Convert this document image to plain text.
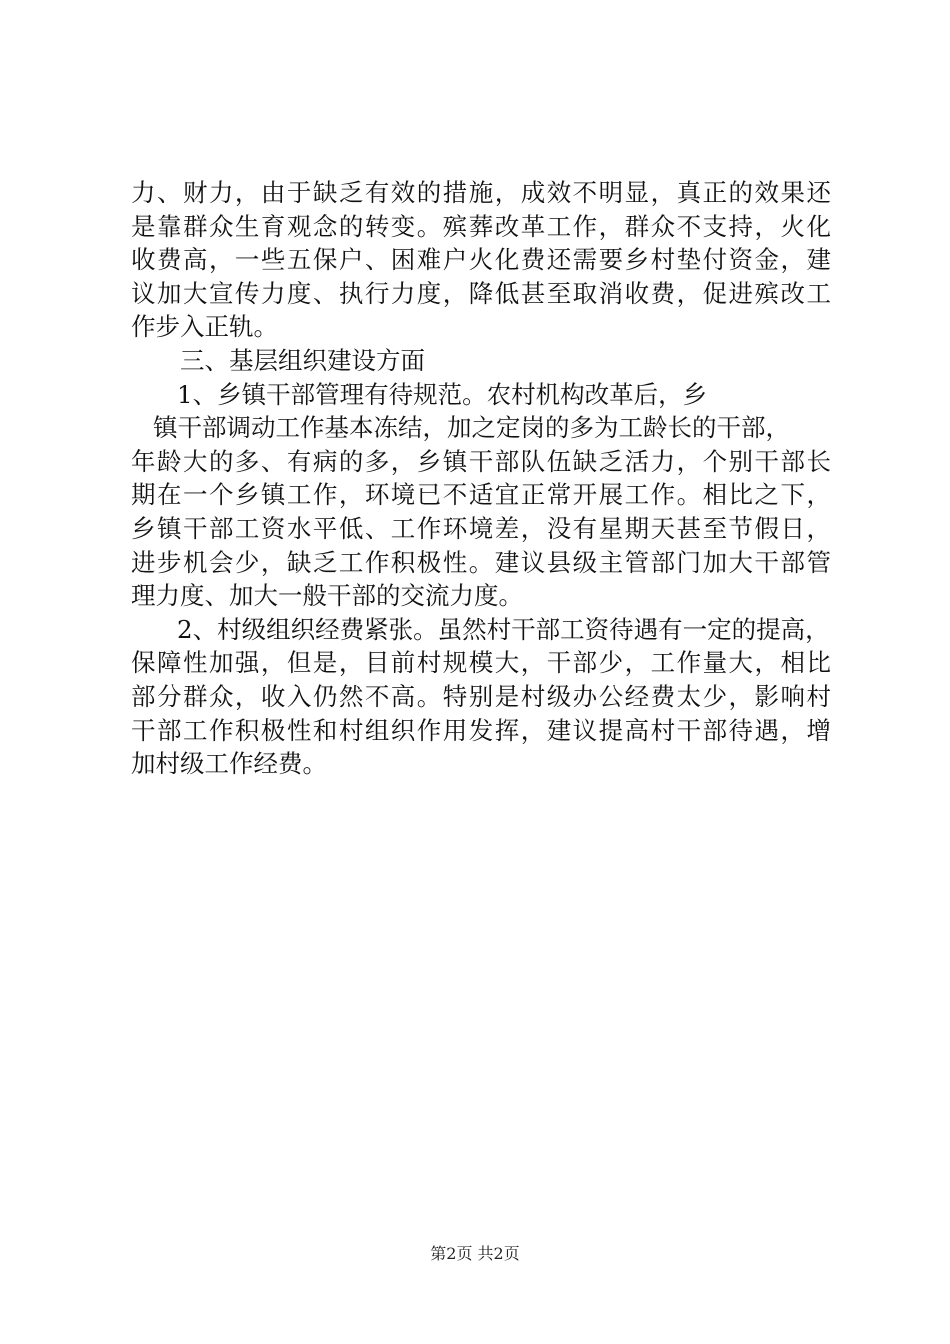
力、财力，由于缺乏有效的措施，成效不明显，真正的效果还
是靠群众生育观念的转变。殡葬改革工作，群众不支持，火化
收费高，一些五保户、困难户火化费还需要乡村垫付资金，建
议加大宣传力度、执行力度，降低甚至取消收费，促进殡改工
作步入正轨。
三、基层组织建设方面
1、乡镇干部管理有待规范。农村机构改革后，乡
镇干部调动工作基本冻结，加之定岗的多为工龄长的干部，
年龄大的多、有病的多，乡镇干部队伍缺乏活力，个别干部长
期在一个乡镇工作，环境已不适宜正常开展工作。相比之下，
乡镇干部工资水平低、工作环境差，没有星期天甚至节假日，
进步机会少，缺乏工作积极性。建议县级主管部门加大干部管
理力度、加大一般干部的交流力度。
2、村级组织经费紧张。虽然村干部工资待遇有一定的提高，
保障性加强，但是，目前村规模大，干部少，工作量大，相比
部分群众，收入仍然不高。特别是村级办公经费太少，影响村
干部工作积极性和村组织作用发挥，建议提高村干部待遇，增
加村级工作经费。
第2页 共2页
